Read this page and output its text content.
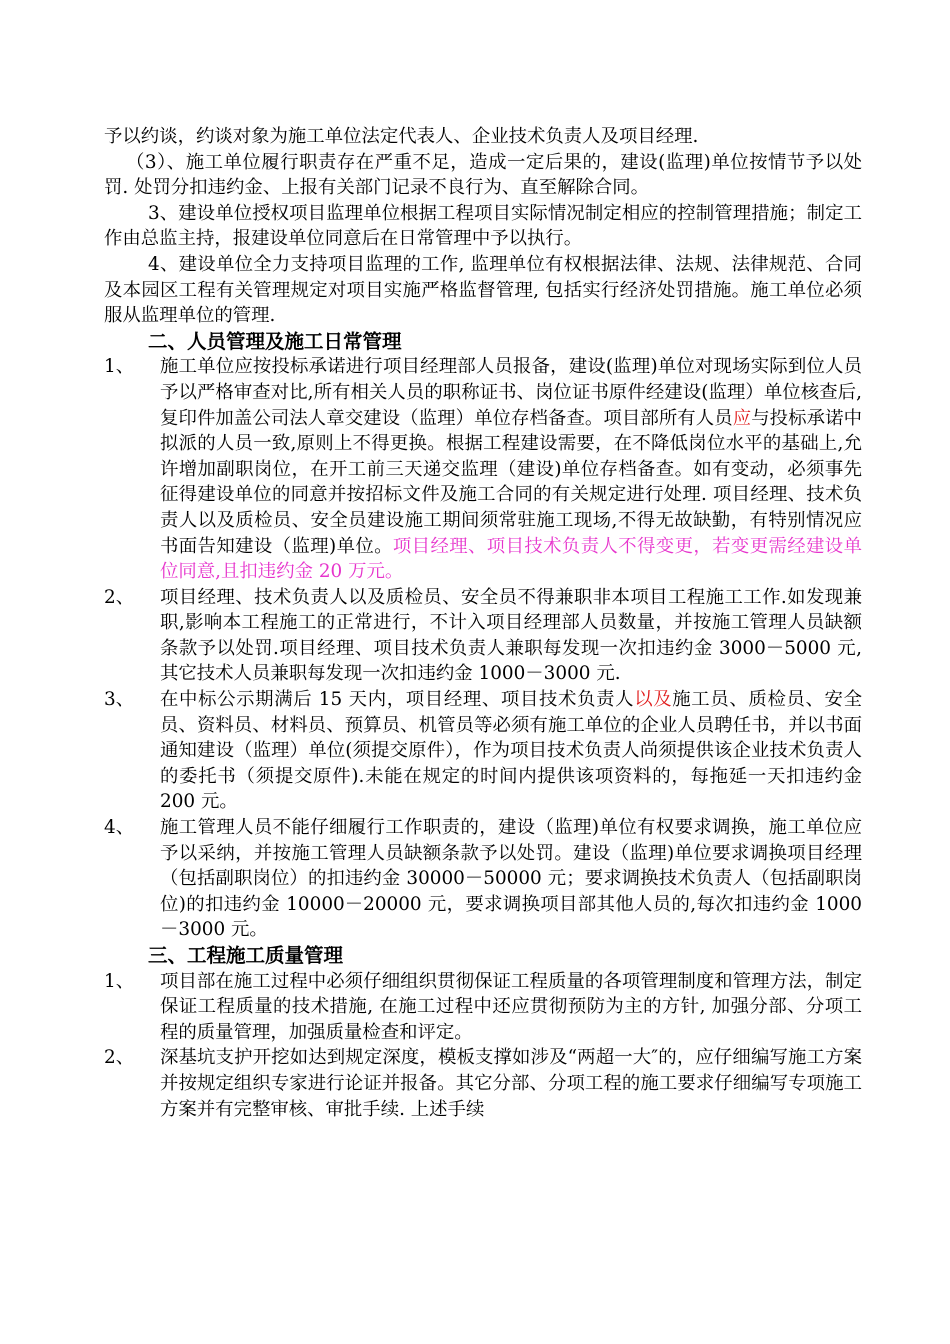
予以约谈，约谈对象为施工单位法定代表人、企业技术负责人及项目经理.

（3）、施工单位履行职责存在严重不足，造成一定后果的，建设(监理)单位按情节予以处罚. 处罚分扣违约金、上报有关部门记录不良行为、直至解除合同。

3、建设单位授权项目监理单位根据工程项目实际情况制定相应的控制管理措施；制定工作由总监主持，报建设单位同意后在日常管理中予以执行。

4、建设单位全力支持项目监理的工作, 监理单位有权根据法律、法规、法律规范、合同及本园区工程有关管理规定对项目实施严格监督管理, 包括实行经济处罚措施。施工单位必须服从监理单位的管理.

二、人员管理及施工日常管理

1、	施工单位应按投标承诺进行项目经理部人员报备，建设(监理)单位对现场实际到位人员予以严格审查对比,所有相关人员的职称证书、岗位证书原件经建设(监理）单位核查后,复印件加盖公司法人章交建设（监理）单位存档备查。项目部所有人员应与投标承诺中拟派的人员一致,原则上不得更换。根据工程建设需要，在不降低岗位水平的基础上,允许增加副职岗位，在开工前三天递交监理（建设)单位存档备查。如有变动，必须事先征得建设单位的同意并按招标文件及施工合同的有关规定进行处理. 项目经理、技术负责人以及质检员、安全员建设施工期间须常驻施工现场,不得无故缺勤，有特别情况应书面告知建设（监理)单位。项目经理、项目技术负责人不得变更，若变更需经建设单位同意,且扣违约金 20 万元。
2、	项目经理、技术负责人以及质检员、安全员不得兼职非本项目工程施工工作.如发现兼职,影响本工程施工的正常进行，不计入项目经理部人员数量，并按施工管理人员缺额条款予以处罚.项目经理、项目技术负责人兼职每发现一次扣违约金 3000－5000 元,其它技术人员兼职每发现一次扣违约金 1000－3000 元.
3、	在中标公示期满后 15 天内，项目经理、项目技术负责人以及施工员、质检员、安全员、资料员、材料员、预算员、机管员等必须有施工单位的企业人员聘任书，并以书面通知建设（监理）单位(须提交原件），作为项目技术负责人尚须提供该企业技术负责人的委托书（须提交原件).未能在规定的时间内提供该项资料的，每拖延一天扣违约金 200 元。
4、	施工管理人员不能仔细履行工作职责的，建设（监理)单位有权要求调换，施工单位应予以采纳，并按施工管理人员缺额条款予以处罚。建设（监理)单位要求调换项目经理（包括副职岗位）的扣违约金 30000－50000 元；要求调换技术负责人（包括副职岗位)的扣违约金 10000－20000 元，要求调换项目部其他人员的,每次扣违约金 1000－3000 元。

三、工程施工质量管理

1、	项目部在施工过程中必须仔细组织贯彻保证工程质量的各项管理制度和管理方法，制定保证工程质量的技术措施, 在施工过程中还应贯彻预防为主的方针, 加强分部、分项工程的质量管理，加强质量检查和评定。
2、	深基坑支护开挖如达到规定深度，模板支撑如涉及“两超一大″的，应仔细编写施工方案并按规定组织专家进行论证并报备。其它分部、分项工程的施工要求仔细编写专项施工方案并有完整审核、审批手续. 上述手续
